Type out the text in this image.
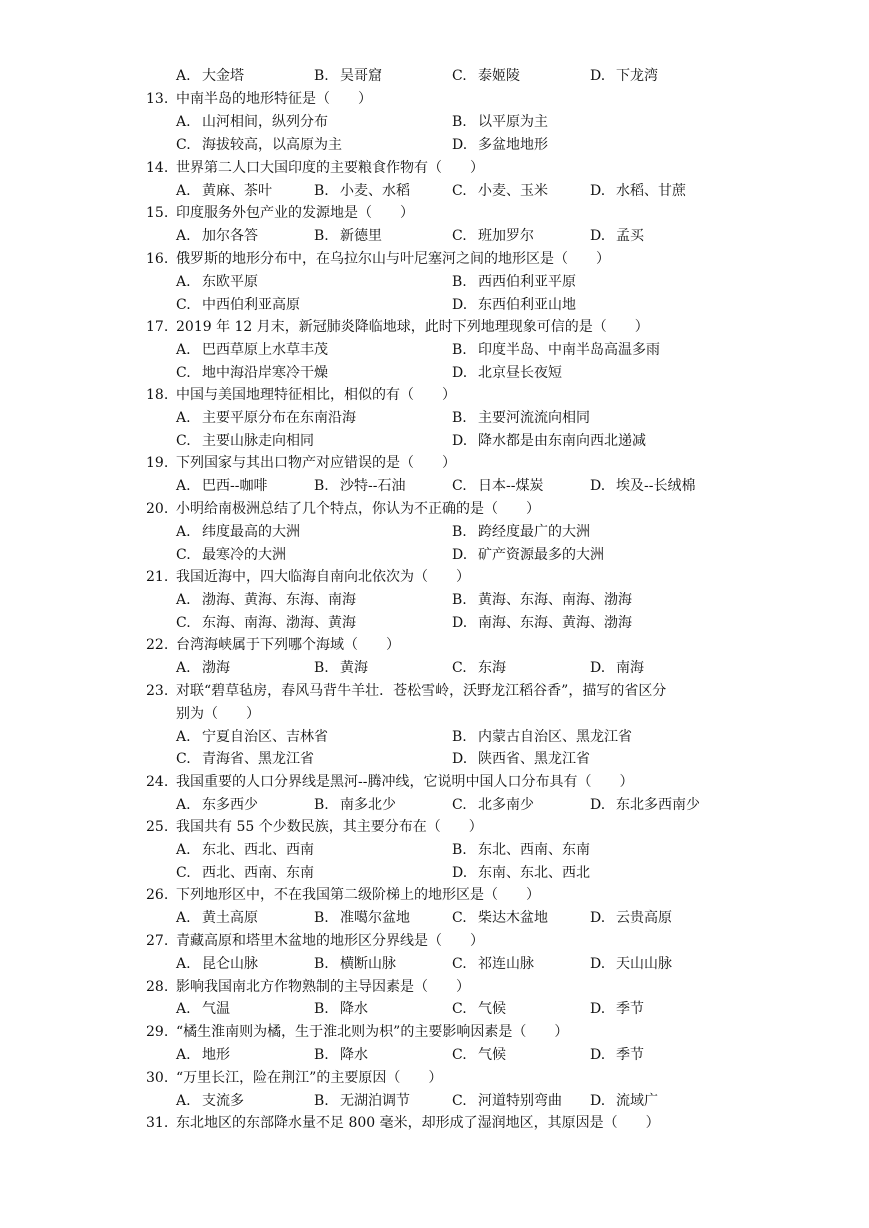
A. 大金塔	B. 吴哥窟	C. 泰姬陵	D. 下龙湾
13. 中南半岛的地形特征是（　　）
A. 山河相间，纵列分布	B. 以平原为主
C. 海拔较高，以高原为主	D. 多盆地地形
14. 世界第二人口大国印度的主要粮食作物有（　　）
A. 黄麻、茶叶	B. 小麦、水稻	C. 小麦、玉米	D. 水稻、甘蔗
15. 印度服务外包产业的发源地是（　　）
A. 加尔各答	B. 新德里	C. 班加罗尔	D. 孟买
16. 俄罗斯的地形分布中，在乌拉尔山与叶尼塞河之间的地形区是（　　）
A. 东欧平原	B. 西西伯利亚平原
C. 中西伯利亚高原	D. 东西伯利亚山地
17. 2019 年 12 月末，新冠肺炎降临地球，此时下列地理现象可信的是（　　）
A. 巴西草原上水草丰茂	B. 印度半岛、中南半岛高温多雨
C. 地中海沿岸寒冷干燥	D. 北京昼长夜短
18. 中国与美国地理特征相比，相似的有（　　）
A. 主要平原分布在东南沿海	B. 主要河流流向相同
C. 主要山脉走向相同	D. 降水都是由东南向西北递减
19. 下列国家与其出口物产对应错误的是（　　）
A. 巴西--咖啡	B. 沙特--石油	C. 日本--煤炭	D. 埃及--长绒棉
20. 小明给南极洲总结了几个特点，你认为不正确的是（　　）
A. 纬度最高的大洲	B. 跨经度最广的大洲
C. 最寒冷的大洲	D. 矿产资源最多的大洲
21. 我国近海中，四大临海自南向北依次为（　　）
A. 渤海、黄海、东海、南海	B. 黄海、东海、南海、渤海
C. 东海、南海、渤海、黄海	D. 南海、东海、黄海、渤海
22. 台湾海峡属于下列哪个海域（　　）
A. 渤海	B. 黄海	C. 东海	D. 南海
23. 对联“碧草毡房，春风马背牛羊壮．苍松雪岭，沃野龙江稻谷香”，描写的省区分
别为（　　）
A. 宁夏自治区、吉林省	B. 内蒙古自治区、黑龙江省
C. 青海省、黑龙江省	D. 陕西省、黑龙江省
24. 我国重要的人口分界线是黑河--腾冲线，它说明中国人口分布具有（　　）
A. 东多西少	B. 南多北少	C. 北多南少	D. 东北多西南少
25. 我国共有 55 个少数民族，其主要分布在（　　）
A. 东北、西北、西南	B. 东北、西南、东南
C. 西北、西南、东南	D. 东南、东北、西北
26. 下列地形区中，不在我国第二级阶梯上的地形区是（　　）
A. 黄土高原	B. 准噶尔盆地	C. 柴达木盆地	D. 云贵高原
27. 青藏高原和塔里木盆地的地形区分界线是（　　）
A. 昆仑山脉	B. 横断山脉	C. 祁连山脉	D. 天山山脉
28. 影响我国南北方作物熟制的主导因素是（　　）
A. 气温	B. 降水	C. 气候	D. 季节
29. “橘生淮南则为橘，生于淮北则为枳”的主要影响因素是（　　）
A. 地形	B. 降水	C. 气候	D. 季节
30. “万里长江，险在荆江”的主要原因（　　）
A. 支流多	B. 无湖泊调节	C. 河道特别弯曲 D. 流域广
31. 东北地区的东部降水量不足 800 毫米，却形成了湿润地区，其原因是（　　）
